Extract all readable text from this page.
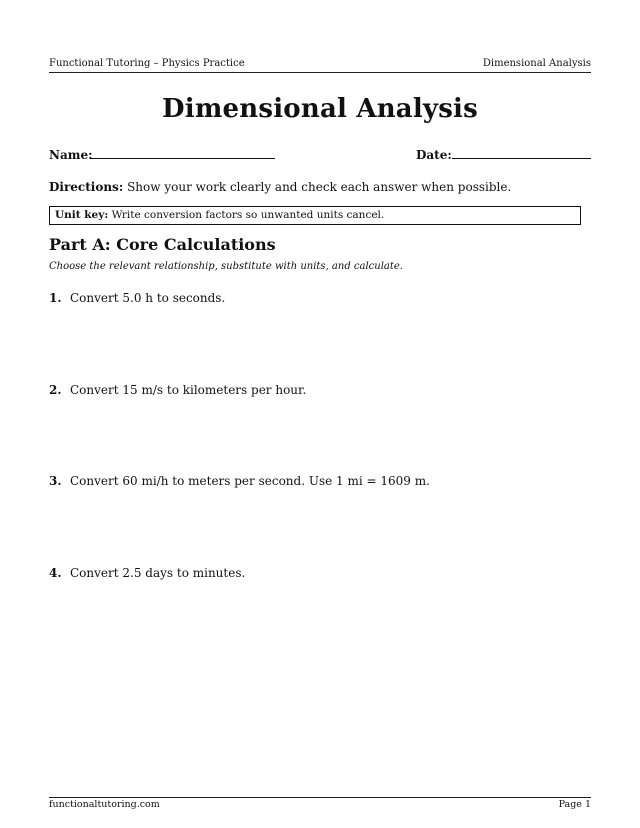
Functional Tutoring – Physics Practice	Dimensional Analysis
Dimensional Analysis
Name:	Date:
Directions: Show your work clearly and check each answer when possible.
Unit key: Write conversion factors so unwanted units cancel.
Part A: Core Calculations
Choose the relevant relationship, substitute with units, and calculate.
1. Convert 5.0 h to seconds.
2. Convert 15 m/s to kilometers per hour.
3. Convert 60 mi/h to meters per second. Use 1 mi = 1609 m.
4. Convert 2.5 days to minutes.
functionaltutoring.com	Page 1
